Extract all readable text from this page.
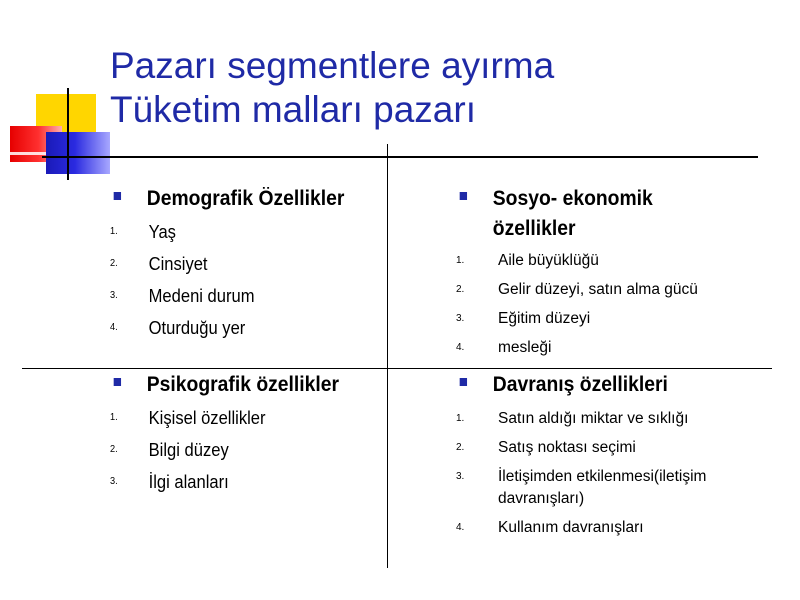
Pazarı segmentlere ayırma
Tüketim malları pazarı
Demografik Özellikler
1. Yaş
2. Cinsiyet
3. Medeni durum
4. Oturduğu yer
Sosyo- ekonomik
özellikler
1. Aile büyüklüğü
2. Gelir düzeyi, satın alma gücü
3. Eğitim düzeyi
4. mesleği
Psikografik özellikler
1. Kişisel özellikler
2. Bilgi düzey
3. İlgi alanları
Davranış özellikleri
1. Satın aldığı miktar ve sıklığı
2. Satış noktası seçimi
3. İletişimden etkilenmesi(iletişim davranışları)
4. Kullanım davranışları
